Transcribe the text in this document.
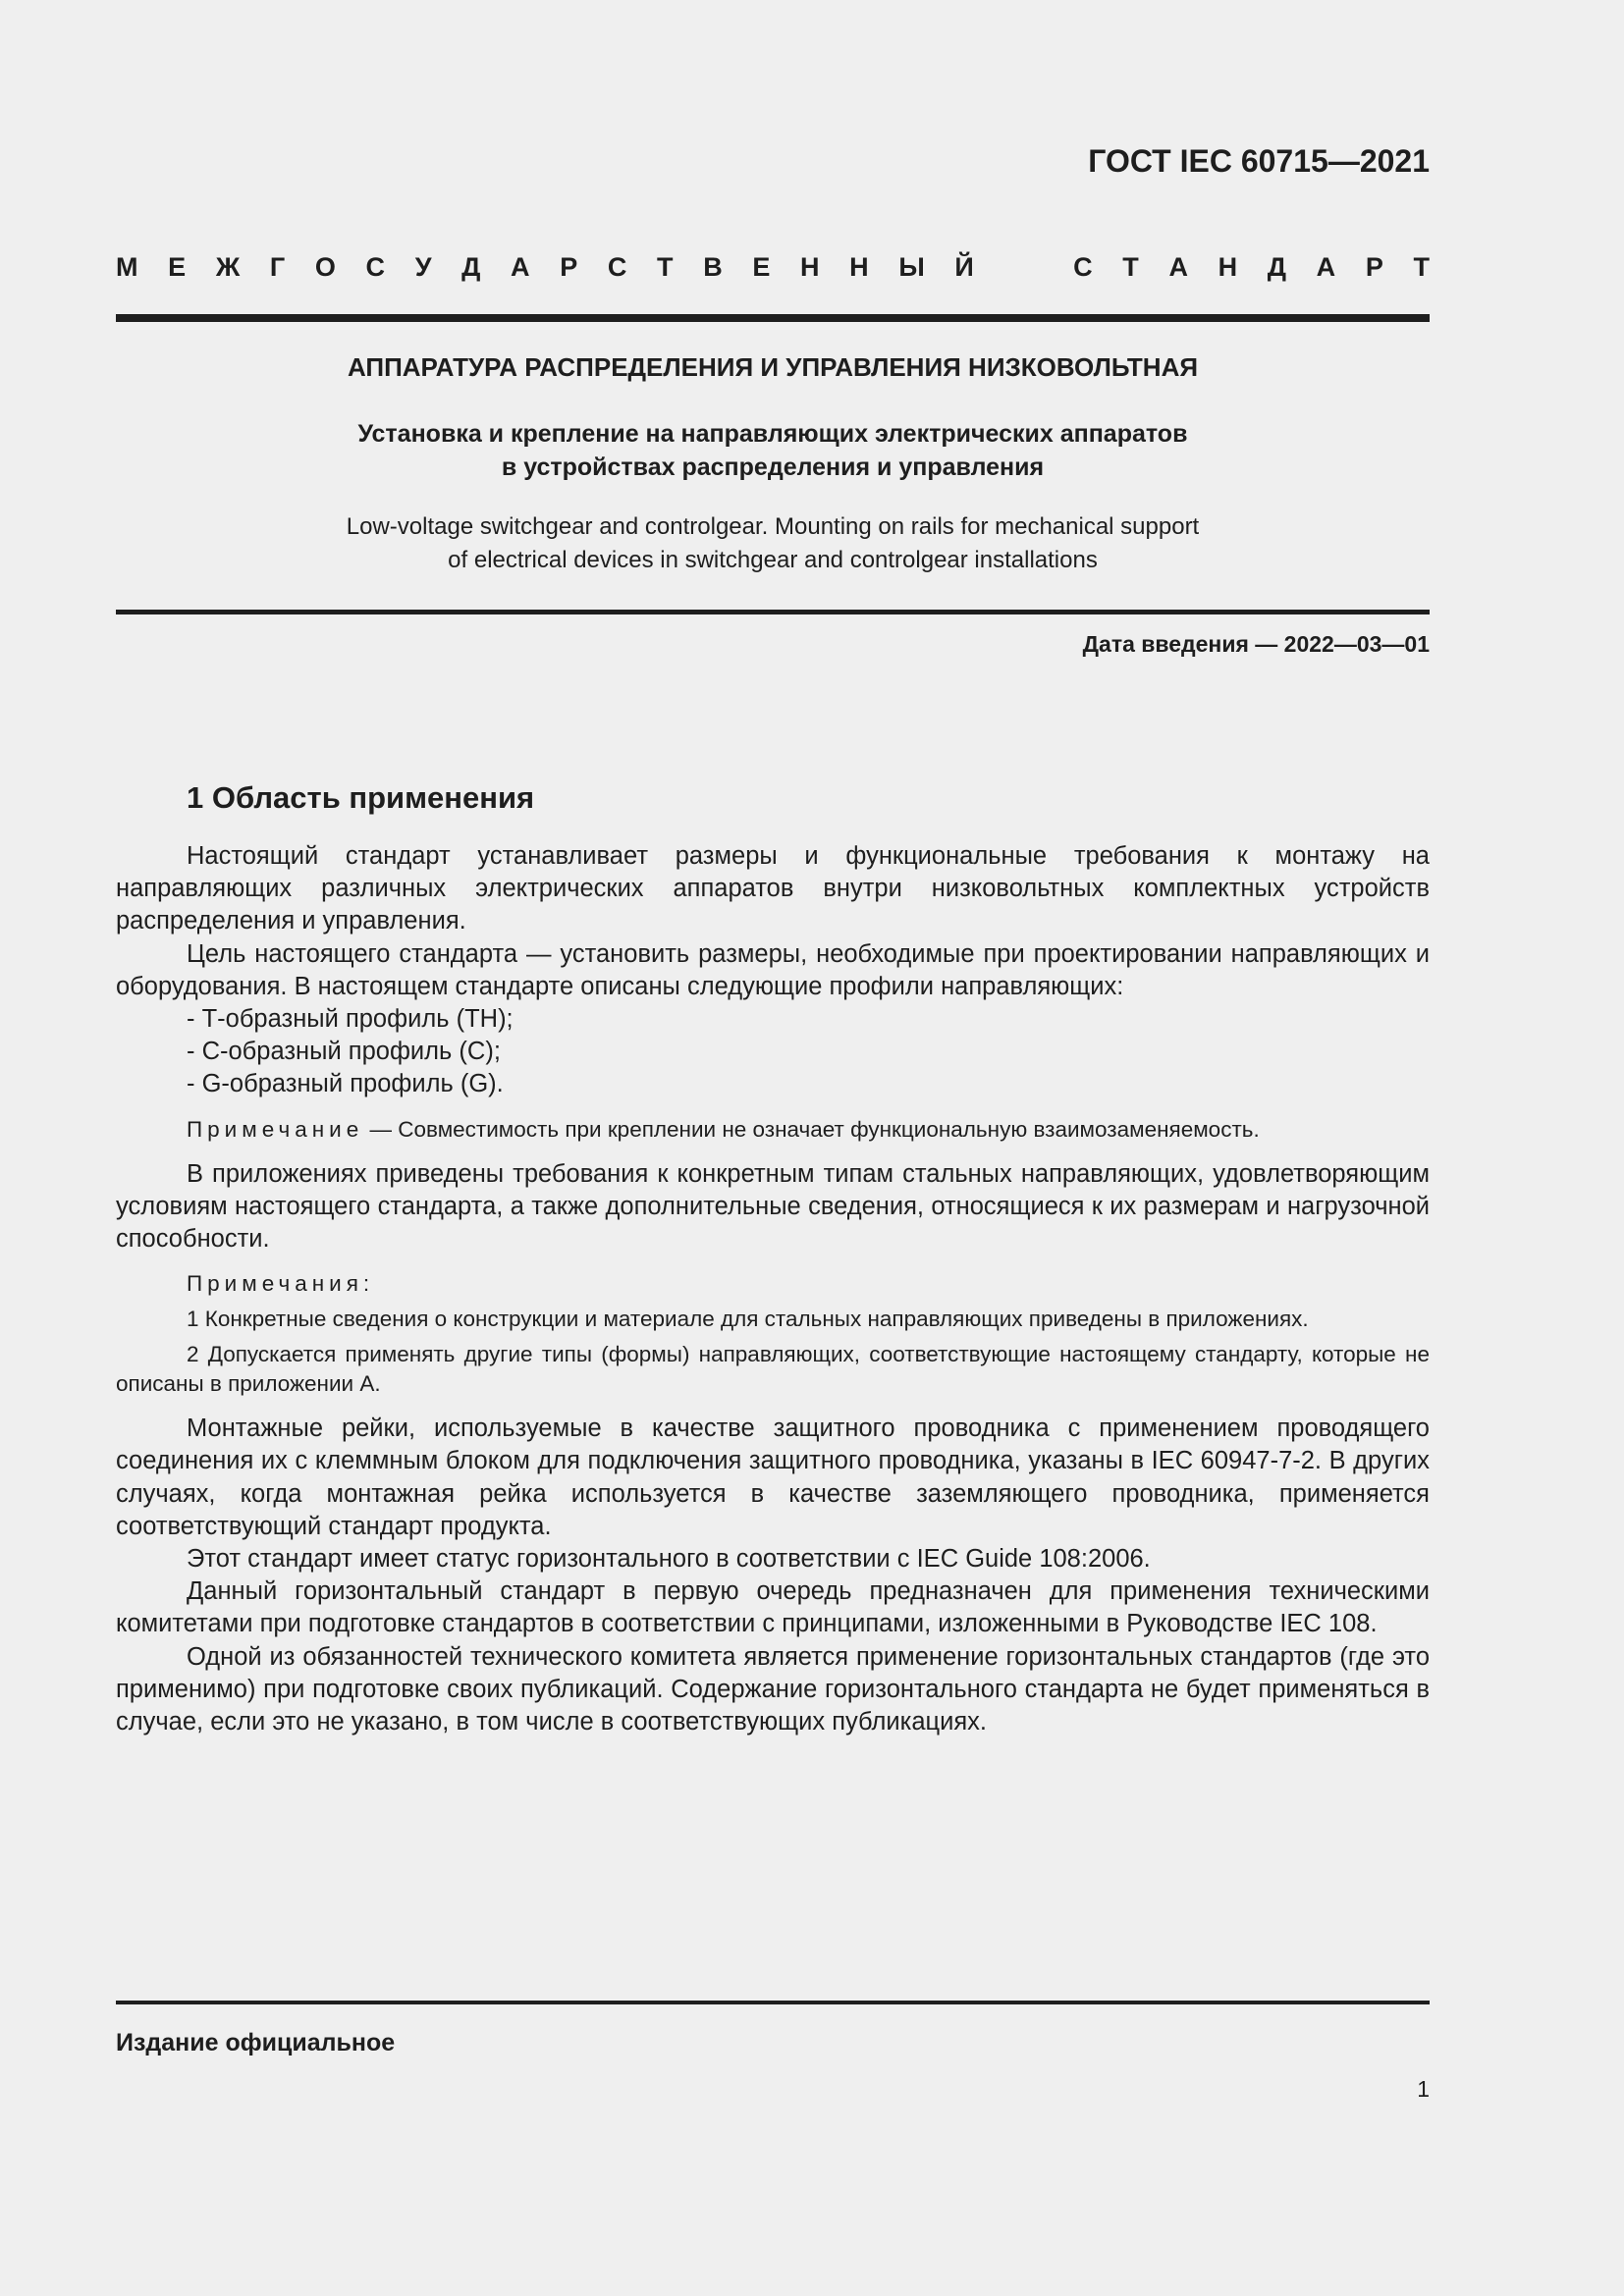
ГОСТ IEC 60715—2021
М Е Ж Г О С У Д А Р С Т В Е Н Н Ы Й	С Т А Н Д А Р Т
АППАРАТУРА РАСПРЕДЕЛЕНИЯ И УПРАВЛЕНИЯ НИЗКОВОЛЬТНАЯ
Установка и крепление на направляющих электрических аппаратов
в устройствах распределения и управления
Low-voltage switchgear and controlgear. Mounting on rails for mechanical support
of electrical devices in switchgear and controlgear installations
Дата введения — 2022—03—01
1 Область применения

Настоящий стандарт устанавливает размеры и функциональные требования к монтажу на направляющих различных электрических аппаратов внутри низковольтных комплектных устройств распределения и управления.

Цель настоящего стандарта — установить размеры, необходимые при проектировании направляющих и оборудования. В настоящем стандарте описаны следующие профили направляющих:

- Т-образный профиль (ТН);

- С-образный профиль (С);

- G-образный профиль (G).

Примечание — Совместимость при креплении не означает функциональную взаимозаменяемость.

В приложениях приведены требования к конкретным типам стальных направляющих, удовлетворяющим условиям настоящего стандарта, а также дополнительные сведения, относящиеся к их размерам и нагрузочной способности.

Примечания:

1 Конкретные сведения о конструкции и материале для стальных направляющих приведены в приложениях.

2 Допускается применять другие типы (формы) направляющих, соответствующие настоящему стандарту, которые не описаны в приложении А.

Монтажные рейки, используемые в качестве защитного проводника с применением проводящего соединения их с клеммным блоком для подключения защитного проводника, указаны в IEC 60947-7-2. В других случаях, когда монтажная рейка используется в качестве заземляющего проводника, применяется соответствующий стандарт продукта.

Этот стандарт имеет статус горизонтального в соответствии с IEC Guide 108:2006.

Данный горизонтальный стандарт в первую очередь предназначен для применения техническими комитетами при подготовке стандартов в соответствии с принципами, изложенными в Руководстве IEC 108.

Одной из обязанностей технического комитета является применение горизонтальных стандартов (где это применимо) при подготовке своих публикаций. Содержание горизонтального стандарта не будет применяться в случае, если это не указано, в том числе в соответствующих публикациях.

Издание официальное
1
